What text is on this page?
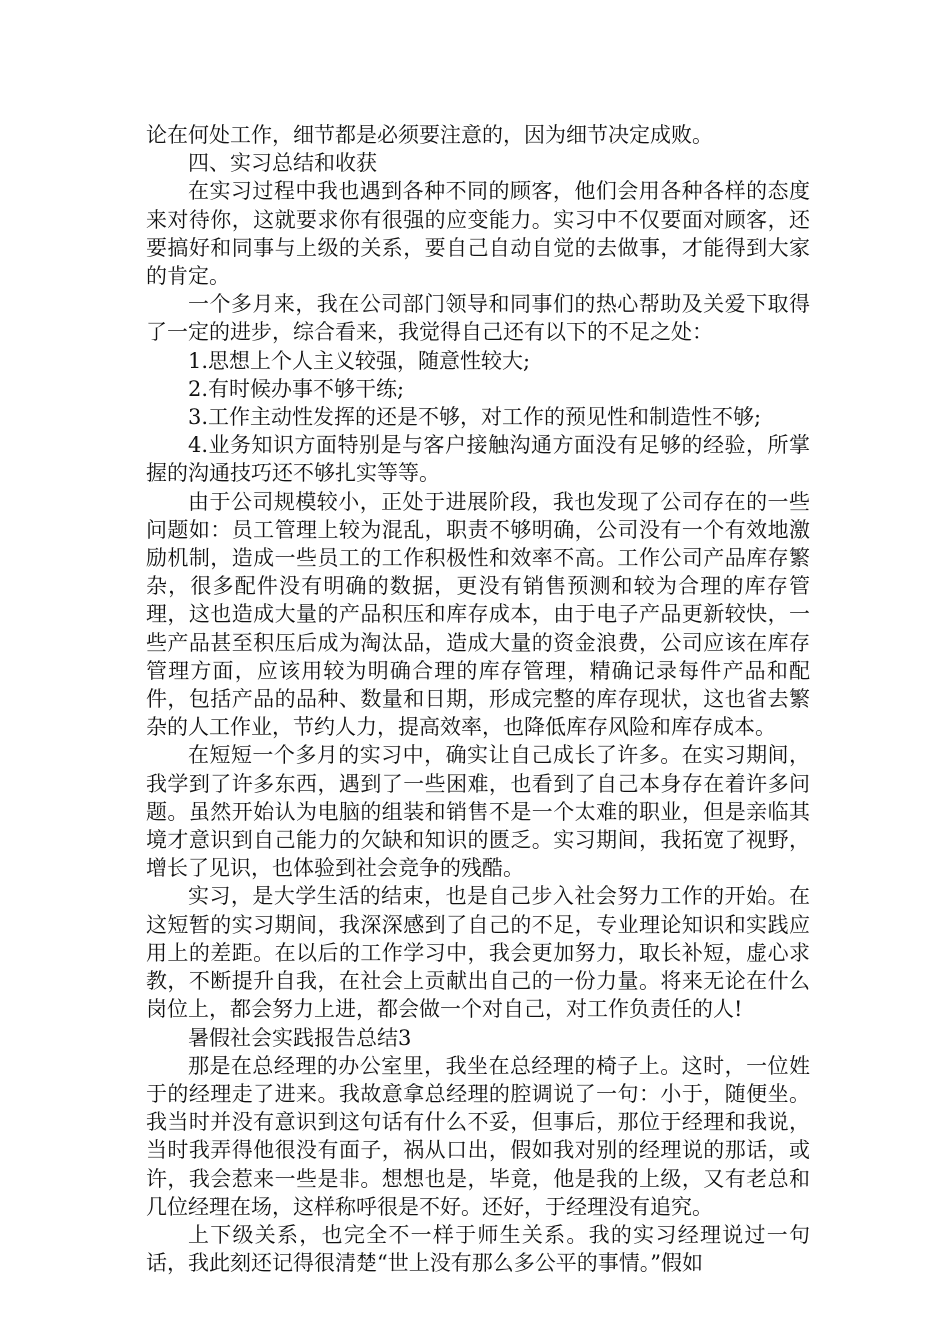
论在何处工作，细节都是必须要注意的，因为细节决定成败。

四、实习总结和收获

在实习过程中我也遇到各种不同的顾客，他们会用各种各样的态度来对待你，这就要求你有很强的应变能力。实习中不仅要面对顾客，还要搞好和同事与上级的关系，要自己自动自觉的去做事，才能得到大家的肯定。

一个多月来，我在公司部门领导和同事们的热心帮助及关爱下取得了一定的进步，综合看来，我觉得自己还有以下的不足之处：

1.思想上个人主义较强，随意性较大;

2.有时候办事不够干练;

3.工作主动性发挥的还是不够，对工作的预见性和制造性不够;

4.业务知识方面特别是与客户接触沟通方面没有足够的经验，所掌握的沟通技巧还不够扎实等等。

由于公司规模较小，正处于进展阶段，我也发现了公司存在的一些问题如：员工管理上较为混乱，职责不够明确，公司没有一个有效地激励机制，造成一些员工的工作积极性和效率不高。工作公司产品库存繁杂，很多配件没有明确的数据，更没有销售预测和较为合理的库存管理，这也造成大量的产品积压和库存成本，由于电子产品更新较快，一些产品甚至积压后成为淘汰品，造成大量的资金浪费，公司应该在库存管理方面，应该用较为明确合理的库存管理，精确记录每件产品和配件，包括产品的品种、数量和日期，形成完整的库存现状，这也省去繁杂的人工作业，节约人力，提高效率，也降低库存风险和库存成本。

在短短一个多月的实习中，确实让自己成长了许多。在实习期间，我学到了许多东西，遇到了一些困难，也看到了自己本身存在着许多问题。虽然开始认为电脑的组装和销售不是一个太难的职业，但是亲临其境才意识到自己能力的欠缺和知识的匮乏。实习期间，我拓宽了视野，增长了见识，也体验到社会竞争的残酷。

实习，是大学生活的结束，也是自己步入社会努力工作的开始。在这短暂的实习期间，我深深感到了自己的不足，专业理论知识和实践应用上的差距。在以后的工作学习中，我会更加努力，取长补短，虚心求教，不断提升自我，在社会上贡献出自己的一份力量。将来无论在什么岗位上，都会努力上进，都会做一个对自己，对工作负责任的人!

暑假社会实践报告总结3

那是在总经理的办公室里，我坐在总经理的椅子上。这时，一位姓于的经理走了进来。我故意拿总经理的腔调说了一句：小于，随便坐。我当时并没有意识到这句话有什么不妥，但事后，那位于经理和我说，当时我弄得他很没有面子，祸从口出，假如我对别的经理说的那话，或许，我会惹来一些是非。想想也是，毕竟，他是我的上级，又有老总和几位经理在场，这样称呼很是不好。还好，于经理没有追究。

上下级关系，也完全不一样于师生关系。我的实习经理说过一句话，我此刻还记得很清楚“世上没有那么多公平的事情。”假如
